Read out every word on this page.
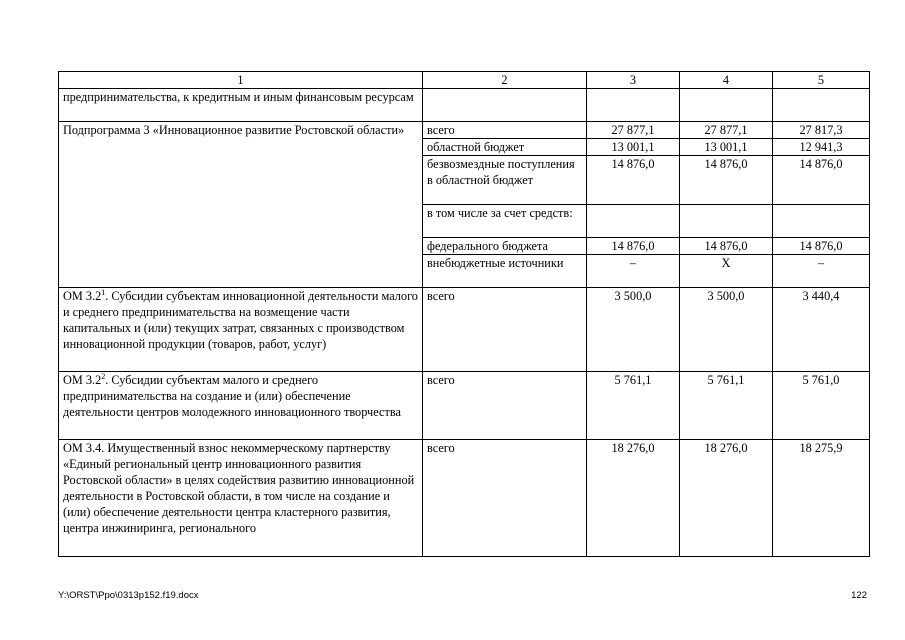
1	2	3	4	5
предпринимательства, к кредитным и иным финансовым ресурсам				
Подпрограмма 3 «Инновационное развитие Ростовской области»	всего	27 877,1	27 877,1	27 817,3
	областной бюджет	13 001,1	13 001,1	12 941,3
	безвозмездные поступления в областной бюджет	14 876,0	14 876,0	14 876,0
	в том числе за счет средств:			
	федерального бюджета	14 876,0	14 876,0	14 876,0
	внебюджетные источники	–	Х	–
ОМ $3.2^1$. Субсидии субъектам инновационной деятельности малого и среднего предпринимательства на возмещение части капитальных и (или) текущих затрат, связанных с производством инновационной продукции (товаров, работ, услуг)	всего	3 500,0	3 500,0	3 440,4
ОМ $3.2^2$. Субсидии субъектам малого и среднего предпринимательства на создание и (или) обеспечение деятельности центров молодежного инновационного творчества	всего	5 761,1	5 761,1	5 761,0
ОМ 3.4. Имущественный взнос некоммерческому партнерству «Единый региональный центр инновационного развития Ростовской области» в целях содействия развитию инновационной деятельности в Ростовской области, в том числе на создание и (или) обеспечение деятельности центра кластерного развития, центра инжиниринга, регионального	всего	18 276,0	18 276,0	18 275,9
Y:\ORST\Ppo\0313p152.f19.docx	122
